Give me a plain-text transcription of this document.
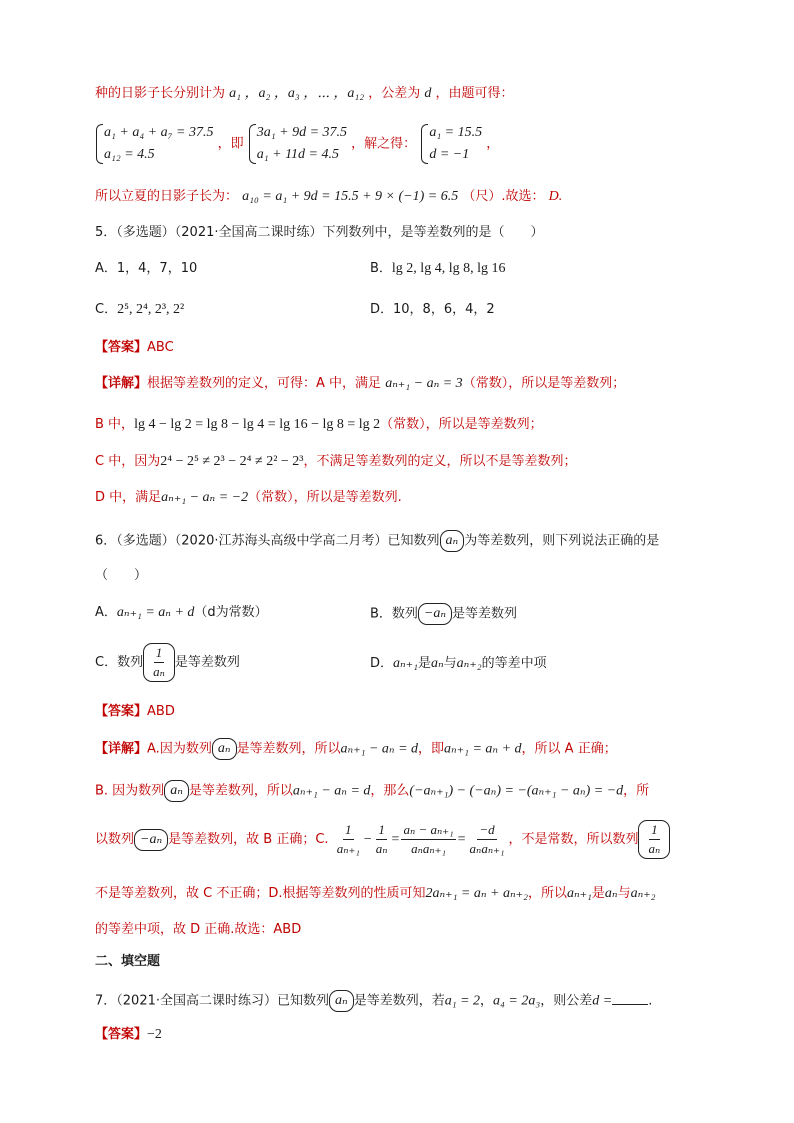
种的日影子长分别计为 a₁ ，a₂ ，a₃ ，⋯ ，a₁₂ ，公差为 d ，由题可得：
a₁ + a₄ + a₇ = 37.5
a₁₂ = 4.5
，即
3a₁ + 9d = 37.5
a₁ + 11d = 4.5
，解之得：
a₁ = 15.5
d = −1
，
所以立夏的日影子长为： a₁₀ = a₁ + 9d = 15.5 + 9 × (−1) = 6.5 （尺）.故选： D.
5．（多选题）（2021·全国高二课时练）下列数列中，是等差数列的是（　　）
A．1，4，7，10	B．lg 2, lg 4, lg 8, lg 16
C．2⁵, 2⁴, 2³, 2²	D．10，8，6，4，2
【答案】ABC
【详解】根据等差数列的定义，可得：A 中，满足 aₙ₊₁ − aₙ = 3（常数），所以是等差数列；
B 中，lg 4 − lg 2 = lg 8 − lg 4 = lg 16 − lg 8 = lg 2（常数），所以是等差数列；
C 中，因为2⁴ − 2⁵ ≠ 2³ − 2⁴ ≠ 2² − 2³，不满足等差数列的定义，所以不是等差数列；
D 中，满足aₙ₊₁ − aₙ = −2（常数），所以是等差数列.
6．（多选题）（2020·江苏海头高级中学高二月考）已知数列 aₙ 为等差数列，则下列说法正确的是
（　　）
A．aₙ₊₁ = aₙ + d（d为常数）	B．数列 −aₙ 是等差数列
C．数列 $\frac{1}{\text{aₙ}}$ 是等差数列	D．aₙ₊₁是aₙ与aₙ₊₂的等差中项
【答案】ABD
【详解】A.因为数列 aₙ 是等差数列，所以aₙ₊₁ − aₙ = d，即aₙ₊₁ = aₙ + d，所以 A 正确；
B. 因为数列 aₙ 是等差数列，所以aₙ₊₁ − aₙ = d，那么(−aₙ₊₁) − (−aₙ) = −(aₙ₊₁ − aₙ) = −d，所
以数列 −aₙ 是等差数列，故 B 正确；C. $\frac{1}{\text{aₙ₊₁}} - \frac{1}{\text{aₙ}} = \frac{\text{aₙ − aₙ₊₁}}{\text{aₙaₙ₊₁}} = \frac{-d}{\text{aₙaₙ₊₁}}$ ，不是常数，所以数列 $\frac{1}{\text{aₙ}}$
不是等差数列，故 C 不正确；D.根据等差数列的性质可知2aₙ₊₁ = aₙ + aₙ₊₂，所以aₙ₊₁是aₙ与aₙ₊₂
的等差中项，故 D 正确.故选：ABD
二、填空题
7．（2021·全国高二课时练习）已知数列 aₙ 是等差数列，若a₁ = 2，a₄ = 2a₃，则公差d =	.
【答案】−2
